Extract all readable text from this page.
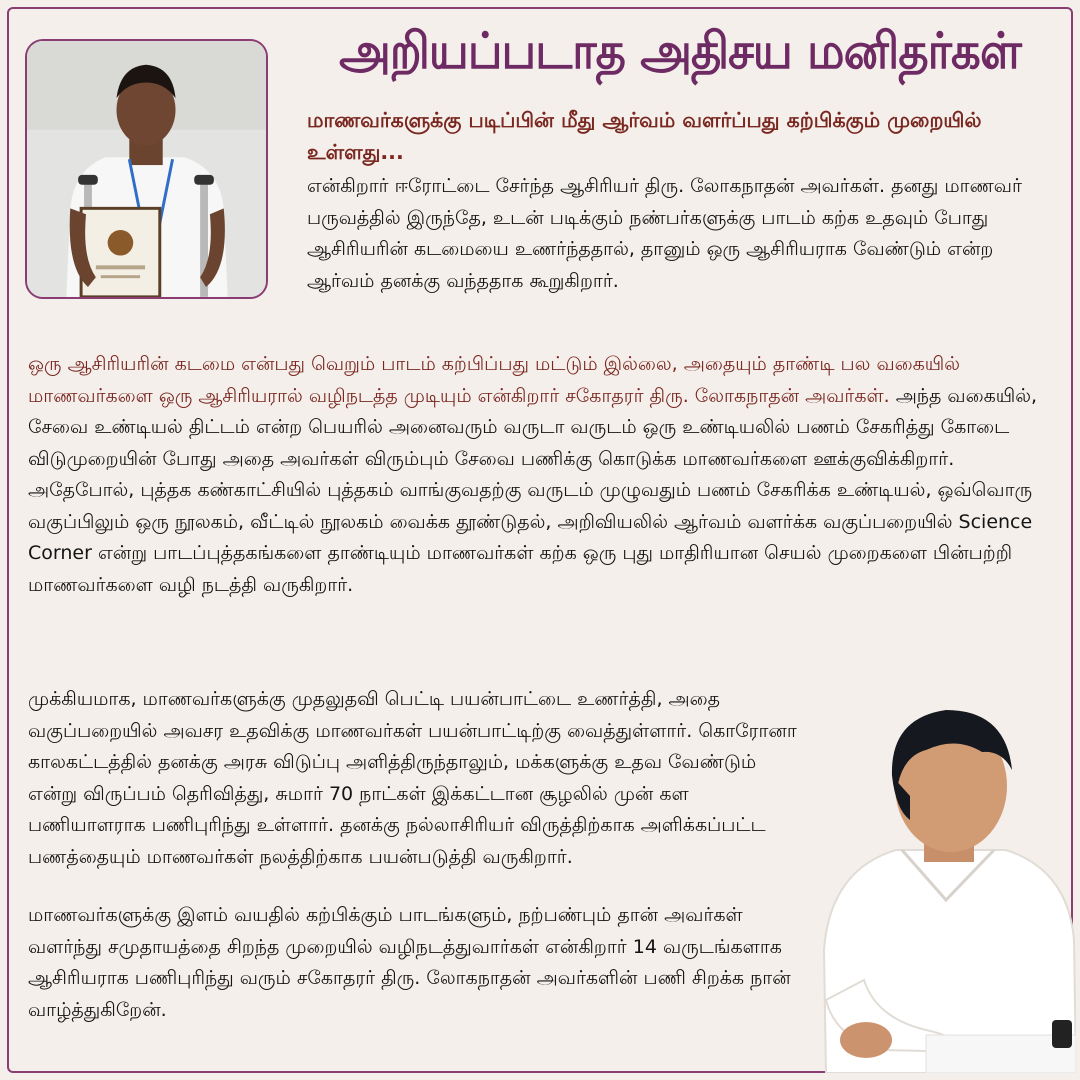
அறியப்படாத அதிசய மனிதர்கள்
மாணவர்களுக்கு படிப்பின் மீது ஆர்வம் வளர்ப்பது கற்பிக்கும் முறையில் உள்ளது...

என்கிறார் ஈரோட்டை சேர்ந்த ஆசிரியர் திரு. லோகநாதன் அவர்கள். தனது மாணவர் பருவத்தில் இருந்தே, உடன் படிக்கும் நண்பர்களுக்கு பாடம் கற்க உதவும் போது ஆசிரியரின் கடமையை உணர்ந்ததால், தானும் ஒரு ஆசிரியராக வேண்டும் என்ற ஆர்வம் தனக்கு வந்ததாக கூறுகிறார்.

ஒரு ஆசிரியரின் கடமை என்பது வெறும் பாடம் கற்பிப்பது மட்டும் இல்லை, அதையும் தாண்டி பல வகையில் மாணவர்களை ஒரு ஆசிரியரால் வழிநடத்த முடியும் என்கிறார் சகோதரர் திரு. லோகநாதன் அவர்கள். அந்த வகையில், சேவை உண்டியல் திட்டம் என்ற பெயரில் அனைவரும் வருடா வருடம் ஒரு உண்டியலில் பணம் சேகரித்து கோடை விடுமுறையின் போது அதை அவர்கள் விரும்பும் சேவை பணிக்கு கொடுக்க மாணவர்களை ஊக்குவிக்கிறார். அதேபோல், புத்தக கண்காட்சியில் புத்தகம் வாங்குவதற்கு வருடம் முழுவதும் பணம் சேகரிக்க உண்டியல், ஒவ்வொரு வகுப்பிலும் ஒரு நூலகம், வீட்டில் நூலகம் வைக்க தூண்டுதல், அறிவியலில் ஆர்வம் வளர்க்க வகுப்பறையில் Science Corner என்று பாடப்புத்தகங்களை தாண்டியும் மாணவர்கள் கற்க ஒரு புது மாதிரியான செயல் முறைகளை பின்பற்றி மாணவர்களை வழி நடத்தி வருகிறார்.

முக்கியமாக, மாணவர்களுக்கு முதலுதவி பெட்டி பயன்பாட்டை உணர்த்தி, அதை வகுப்பறையில் அவசர உதவிக்கு மாணவர்கள் பயன்பாட்டிற்கு வைத்துள்ளார். கொரோனா காலகட்டத்தில் தனக்கு அரசு விடுப்பு அளித்திருந்தாலும், மக்களுக்கு உதவ வேண்டும் என்று விருப்பம் தெரிவித்து, சுமார் 70 நாட்கள் இக்கட்டான சூழலில் முன் கள பணியாளராக பணிபுரிந்து உள்ளார். தனக்கு நல்லாசிரியர் விருத்திற்காக அளிக்கப்பட்ட பணத்தையும் மாணவர்கள் நலத்திற்காக பயன்படுத்தி வருகிறார்.

மாணவர்களுக்கு இளம் வயதில் கற்பிக்கும் பாடங்களும், நற்பண்பும் தான் அவர்கள் வளர்ந்து சமுதாயத்தை சிறந்த முறையில் வழிநடத்துவார்கள் என்கிறார் 14 வருடங்களாக ஆசிரியராக பணிபுரிந்து வரும் சகோதரர் திரு. லோகநாதன் அவர்களின் பணி சிறக்க நான் வாழ்த்துகிறேன்.
